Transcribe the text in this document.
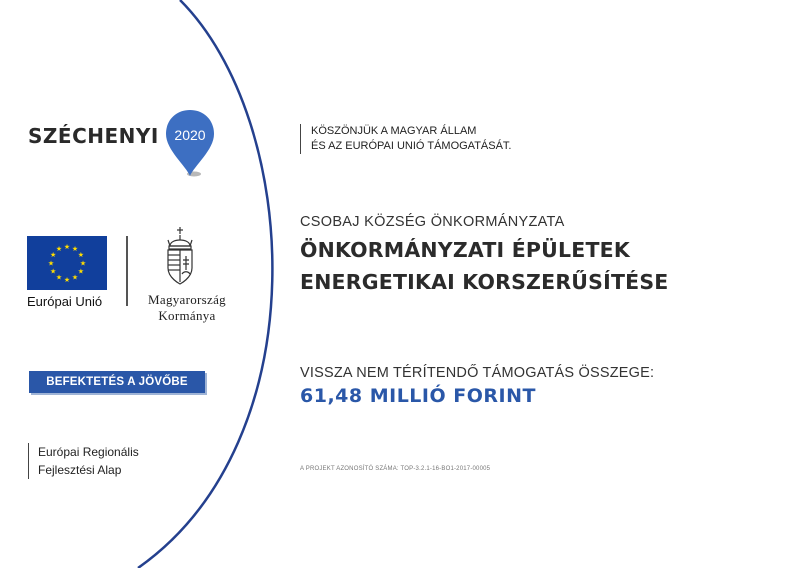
SZÉCHENYI 2020	KÖSZÖNJÜK A MAGYAR ÁLLAM
ÉS AZ EURÓPAI UNIÓ TÁMOGATÁSÁT.
★ ★
★
★
★
★
★
★
★
★
★
★
Európai Unió	Magyarország
Kormánya
BEFEKTETÉS A JÖVŐBE
Európai Regionális
Fejlesztési Alap
CSOBAJ KÖZSÉG ÖNKORMÁNYZATA
ÖNKORMÁNYZATI ÉPÜLETEK
ENERGETIKAI KORSZERŰSÍTÉSE
VISSZA NEM TÉRÍTENDŐ TÁMOGATÁS ÖSSZEGE:
61,48 MILLIÓ FORINT
A PROJEKT AZONOSÍTÓ SZÁMA: TOP-3.2.1-16-BO1-2017-00005
